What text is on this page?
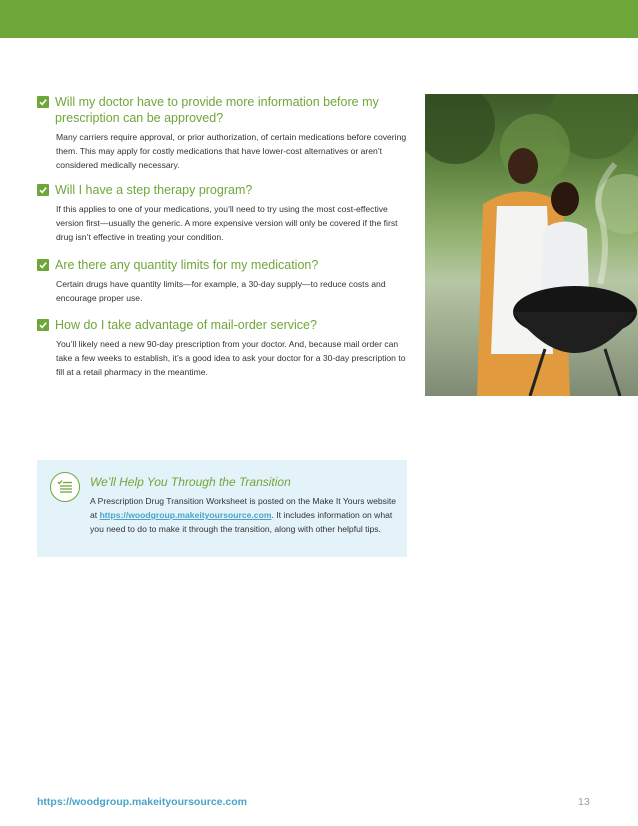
Will my doctor have to provide more information before my prescription can be approved?
Many carriers require approval, or prior authorization, of certain medications before covering them. This may apply for costly medications that have lower-cost alternatives or aren’t considered medically necessary.
Will I have a step therapy program?
If this applies to one of your medications, you’ll need to try using the most cost-effective version first—usually the generic. A more expensive version will only be covered if the first drug isn’t effective in treating your condition.
Are there any quantity limits for my medication?
Certain drugs have quantity limits—for example, a 30-day supply—to reduce costs and encourage proper use.
How do I take advantage of mail-order service?
You’ll likely need a new 90-day prescription from your doctor. And, because mail order can take a few weeks to establish, it’s a good idea to ask your doctor for a 30-day prescription to fill at a retail pharmacy in the meantime.
We’ll Help You Through the Transition
A Prescription Drug Transition Worksheet is posted on the Make It Yours website at https://woodgroup.makeityoursource.com. It includes information on what you need to do to make it through the transition, along with other helpful tips.
https://woodgroup.makeityoursource.com	13
